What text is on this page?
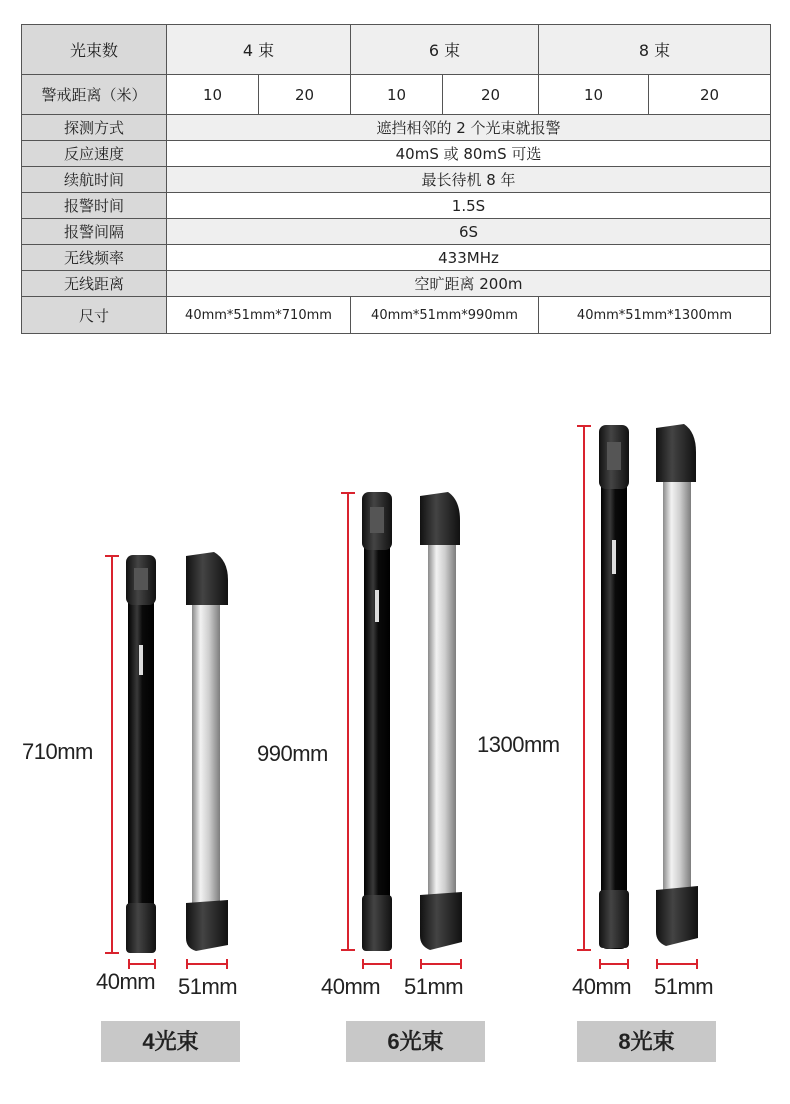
光束数	4 束		6 束		8 束	
警戒距离（米）	10	20	10	20	10	20
探测方式	遮挡相邻的 2 个光束就报警					
反应速度	40mS 或 80mS 可选					
续航时间	最长待机 8 年					
报警时间	1.5S					
报警间隔	6S					
无线频率	433MHz					
无线距离	空旷距离 200m					
尺寸	40mm*51mm*710mm		40mm*51mm*990mm		40mm*51mm*1300mm	
710mm
40mm 51mm
4光束
990mm
40mm 51mm
6光束
1300mm
40mm 51mm
8光束
